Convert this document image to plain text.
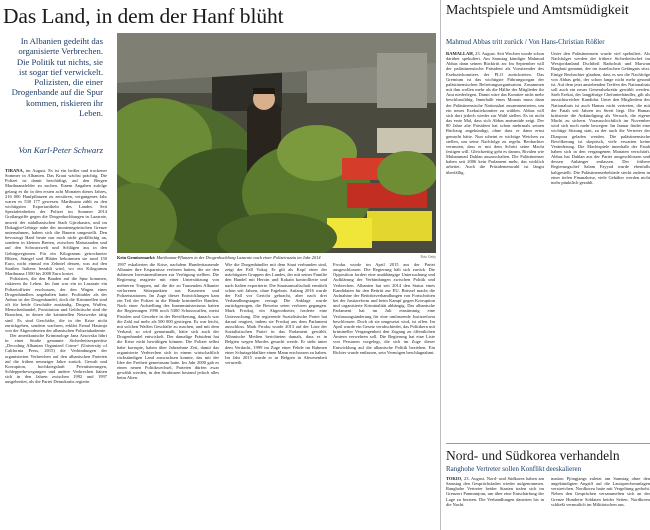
Das Land, in dem der Hanf blüht
In Albanien gedeiht das organisierte Verbrechen. Die Politik tut nichts, sie ist sogar tief verwickelt. Polizisten, die einer Drogenbande auf die Spur kommen, riskieren ihr Leben.
Von Karl-Peter Schwarz
Kein Gemüsemarkt: Marihuana-Pflanzen in der Drogenhochburg Lazarate nach einer Polizeirazzia im Jahr 2014	Foto Getty

TIRANA, im August. Es ist ein heißer und trockener Sommer in Albanien. Das Kraut wächst prächtig. Die Polizei ist damit beschäftigt, auf den Bergen Marihuanafelder zu suchen. Einem Angaben zufolge gelang es ihr in den ersten acht Monaten dieses Jahres, 216 000 Hanfpflanzen zu zerstören, vergangenes Jahr waren es 530 177 gewesen. Marihuana zählt zu den wichtigsten Exportartikeln des Landes. Seit Spezialeinheiten der Polizei im Sommer 2014 Großangriffe gegen die Drogenhochburgen in Lazarate, unweit der südalbanischen Stadt Gjirokastra, und im Dukagjin-Gebirge nahe der montenegrinischen Grenze unternahmen, haben sich die Bauern umgestellt. Den bevorzugt Hanf heute nur noch nicht großflächig an, sondern in kleinen Beeten, zwischen Maisstauden und auf den Schwarzwelt und Schlägen aus in den Gebirgsregionen. Für ein Kilogramm getrockneter Blüten, Stängel und Blätter bekommen sie rund 150 Euro, nicht einmal ein Zehntel dessen, was auf den Straßen Italiens bezahlt wird, wo ein Kilogramm Marihuana 1500 bis 2000 Euro kostet.

Polizisten, die den Bauden auf die Spur kommen, riskieren ihr Leben. Im Juni war ein in Lazarate ein Polizeioffizier erschossen, der den Wagen eines Drogenhändlers angehalten hatte. Profitabler als der Anbau ist der Drogenhandel, doch die Kriminellen sind oft für beide Geschäfte zuständig. Drogen, Waffen, Menschenhandel, Prostitution und Geldwäsche sind die Branchen, in denen die kriminellen Netzwerke tätig sind. Es sind Geschäfte, die in der Krise nicht zurückgehen, sondern wachsen, erklärt Ermal Hasimja von der Abgeordneten der albanischen Polizeiakademie.

Der amerikanische Kriminologe Jana Arsovska führt in einer Studie genannte Sicherheitsexpertiise „Decoding Albanian Organized Crime“ (University of California Press, 2015) die Verbindungen der organisierten Verbrechen auf den albanischen Parteien auf die frühen neunziger Jahre zurück. Gewalt und Korruption, hochkriegshaft Privatisierungen, Schlepperbewegungen und andere Verbrechen hätten sich in den Jahren zwischen 1992 und 1997 ausgebreitet, als die Partei Demokratis regierte.

1997 eskalierten die Krise, nachdem Hunderttausende Albanier ihre Ersparnisse verloren hatten, die sie den dubiosen Investmentfirmen zur Verfügung stellten. Die Regierung reagierte mit einer Unterstützung von mehreren Truppen, auf die die zu Tausenden Albanier verlorenen Stützpunkten aus Kasernen und Polizeistationen. Im Zuge dieser Entwicklungen kam ein Teil der Polizei in die Hände krimineller Banden. Nach einer Aufstellung des Innenministeriums hatten die Regierungen 1996 noch 5300 Schusswaffen, meist Pistolen und Gewehre in der Bevölkerung, danach war die Zahl auf mehr als 500 000 gestiegen. Es war leicht, mit solchen Waffen Geschäfte zu machen, und mit dem Verkauf, so wird gemutmaßt, hätte sich auch der Drogenhandel entwickelt. Der damalige Präsident hat die Krise nicht bewältigen können. Die Polizei selbst habe korrupte, haben über Jahrzehnte Zeit, damit das organisierte Verbrechen sich in einem wirtschaftlich rückständigen Land auswachsen konnte, das mit der Idee der Freiheit gemeinsam hatte. Im Jahr 2000 gab es einen neuen Politikwechsel, Parteien dürfen zwar gewählt werden, in den Strukturen bestand jedoch alles beim Alten.

Wie die Drogenhändler mit dem Staat verbunden sind, zeigt der Fall Vukaj. Er gilt als Kopf einer der mächtigsten Gruppen des Landes, der mit seiner Familie den Handel mit Heroin und Kokain kontrollierte und nach Italien exportierte. Die Staatsanwaltschaft ermittelt schon seit Jahren, ohne Ergebnis. Anfang 2016 wurde der Fall vor Gericht gebracht, aber nach drei Verhandlungstagen vertagt. Die Anklage wurde zurückgezogen, die Beweise seien verloren gegangen. Mark Frrokaj, ein Abgeordneter, forderte eine Untersuchung. Die regierende Sozialistische Partei hat darauf reagiert, indem sie Frrokaj aus dem Parlament ausschloss. Mark Frroku wurde 2013 auf der Liste der Sozialistischen Partei in das Parlament gewählt. Albanische Medien berichteten damals, dass er in Belgien wegen Mordes gesucht werde. Er steht unter dem Verdacht, 1999 im Zuge einer Fehde im Rahmen einer Schutzgeldaffäre einen Mann erschossen zu haben. Im Jahr 2015 wurde er in Belgien in Abwesenheit verurteilt.

Frroku wurde im April 2015 aus der Partei ausgeschlossen. Die Regierung hält sich zurück. Die Opposition fordert eine unabhängige Untersuchung und Aufklärung der Verbindungen zwischen Politik und Verbrechen. Albanien hat seit 2014 den Status eines Kandidaten für den Beitritt zur EU. Brüssel macht die Aufnahme der Beitrittsverhandlungen von Fortschritten bei der Justizreform und beim Kampf gegen Korruption und organisierte Kriminalität abhängig. Das albanische Parlament hat im Juli einstimmig eine Verfassungsänderung für eine umfassende Justizreform beschlossen. Doch ob sie umgesetzt wird, ist offen. Im April wurde ein Gesetz verabschiedet, das Politikern mit krimineller Vergangenheit den Zugang zu öffentlichen Ämtern verwehren soll. Die Regierung hat eine Liste von Personen vorgelegt, die sich im Zuge dieser Entwicklung auf die albanische Politik beziehen. Ein Richter wurde entlassen, sein Vermögen beschlagnahmt.

Machtspiele und Amtsmüdigkeit
Mahmud Abbas tritt zurück / Von Hans-Christian Rößler

RAMALLAH, 23. August. Seit Wochen wurde schon darüber spekuliert. Am Samstag kündigte Mahmud Abbas dann seinen Rücktritt an: Im September will der palästinensische Präsident als Vorsitzender des Exekutivkomitees der PLO zurücktreten. Das Gremium ist das wichtigste Führungsorgan der palästinensischen Befreiungsorganisation. Zusammen mit ihm wollen mehr als die Hälfte der Mitglieder ihr Amt niederlegen. Damit wäre das Komitee nicht mehr beschlussfähig. Innerhalb eines Monats muss dann der Palästinensische Nationalrat zusammentreten, um ein neues Exekutivkomitee zu wählen. Abbas will sich dort jedoch wieder zur Wahl stellen. Es ist nicht das erste Mal, dass sich Abbas amtsmüde zeigt. Der 80 Jahre alte Präsident hat schon mehrmals seinen Rückzug angekündigt, ohne dass er dann ernst gemacht hätte. Nun scheint er wichtige Weichen zu stellen, um seine Nachfolge zu regeln. Beobachter vermuten, dass er mit dem Schritt seine Macht festigen will. Gleichzeitig geht es darum, Rivalen wie Muhammad Dahlan auszuschalten. Die Palästinenser haben seit 2006 kein Parlament mehr, das wirklich arbeitet. Auch die Präsidentenwahl ist längst überfällig.

Unter den Palästinensern wurde viel spekuliert. Als Nachfolger werden der frühere Sicherheitschef im Westjordanland Dschibril Radschub und Marwan Barghuti genannt, der im israelischen Gefängnis sitzt. Einige Beobachter glauben, dass es um die Nachfolge von Abbas geht, der schon lange nicht mehr gesund ist. Auf dem jetzt anstehenden Treffen des Nationalrats soll auch ein neuer Generalsekretär gewählt werden. Saeb Erekat, der langjährige Chefunterhändler, gilt als aussichtsreicher Kandidat. Unter den Mitgliedern des Nationalrats ist auch Hamas nicht vertreten, die mit der Fatah seit Jahren im Streit liegt. Die Hamas kritisierte die Ankündigung als Versuch, die eigene Macht zu sichern. Vorausschichtlich im November wird sich noch mehr bewegen: Im Januar findet eine wichtige Sitzung statt, zu der auch die Vertreter der Diaspora geladen werden. Die palästinensische Bevölkerung ist skeptisch, viele erwarten keine Veränderung. Die Machtspiele innerhalb der Fatah haben sich in den vergangenen Monaten verschärft. Abbas hat Dahlan aus der Partei ausgeschlossen und dessen Anhänger entlassen. Der frühere Regierungschef Salam Fayyad wurde ebenfalls kaltgestellt. Die Palästinenserbehörde steckt zudem in einer tiefen Finanzkrise, viele Gehälter werden nicht mehr pünktlich gezahlt.

Nord- und Südkorea verhandeln
Ranghohe Vertreter sollen Konflikt deeskalieren

TOKIO, 23. August. Nord- und Südkorea haben am Samstag den Gesprächsfaden wieder aufgenommen. Ranghohe Vertreter beider Staaten trafen sich im Grenzort Panmunjom, um über eine Entschärfung der Lage zu beraten. Die Verhandlungen dauerten bis in die Nacht.

mation Pjöngjangs zuletzt am Samstag ohne den angekündigten Angriff auf die Lautsprecheranlagen verstreichen. Nordkorea hatte mit Vergeltung gedroht. Neben den Gesprächen versammelten sich an der Grenze Hunderte Soldaten beider Seiten. Nordkorea schließt vermutlich im Militärischen aus.
